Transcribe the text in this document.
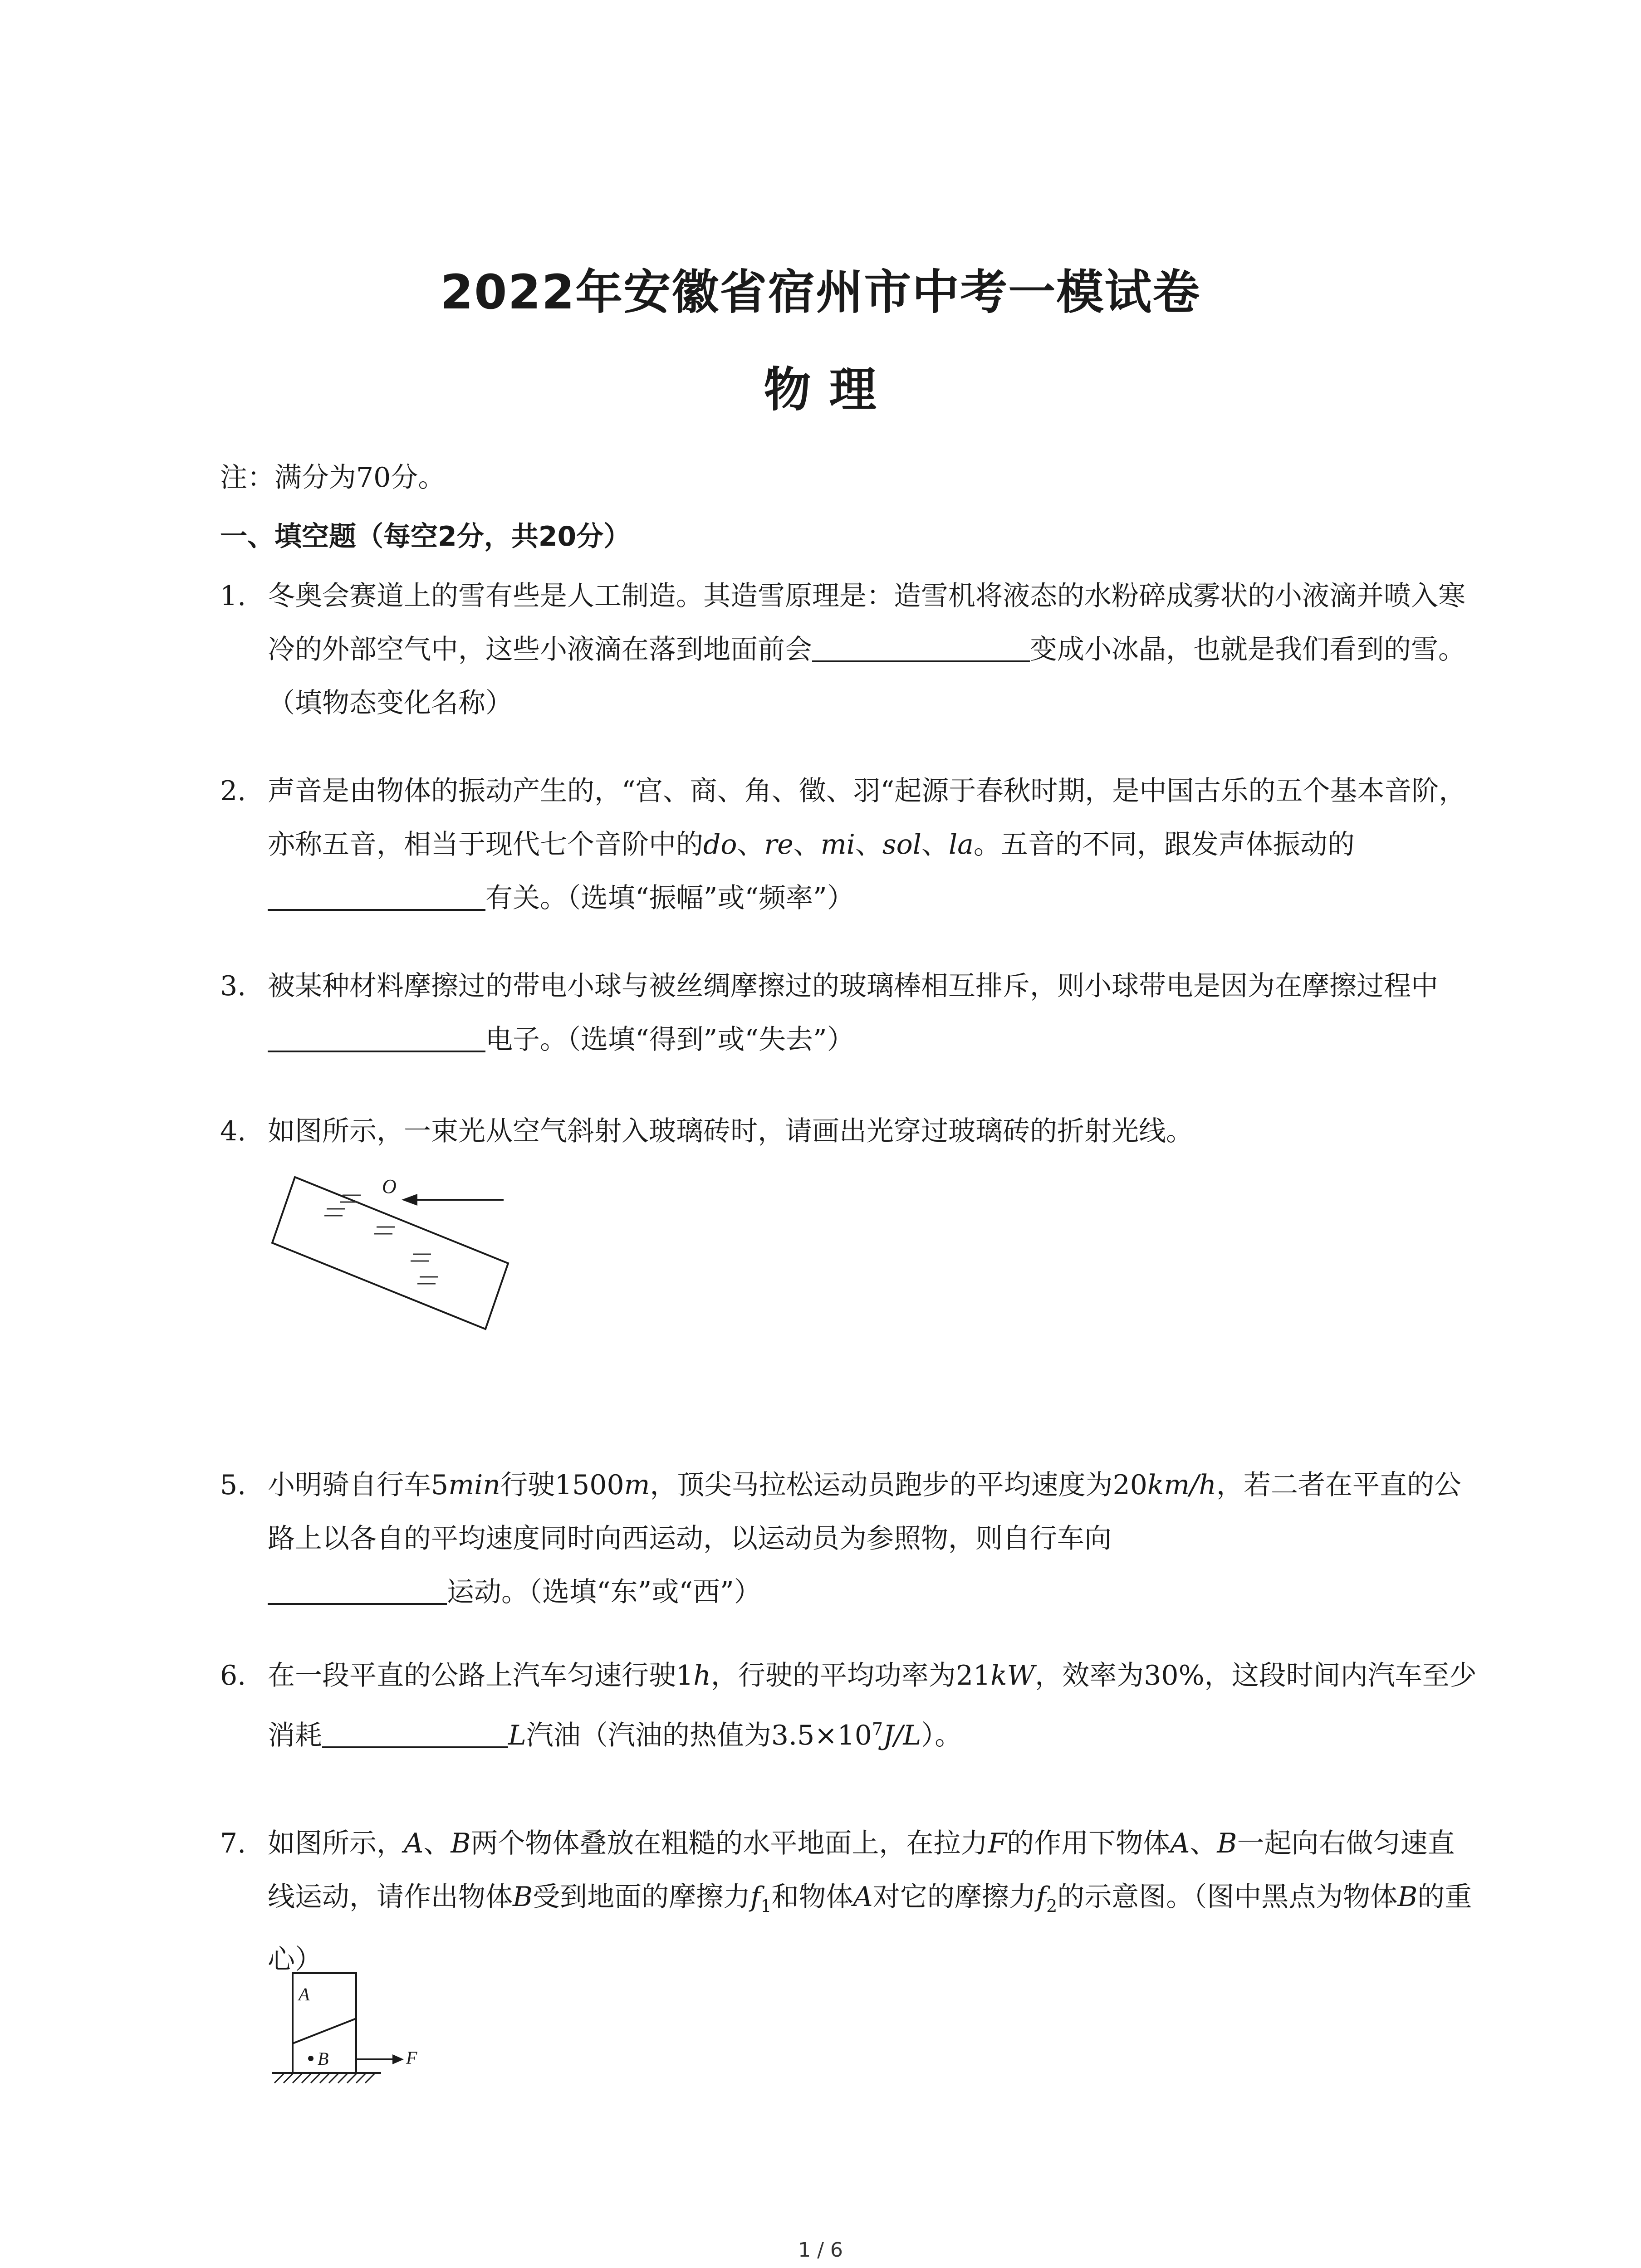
2022年安徽省宿州市中考一模试卷
物 理
注：满分为70分。
一、填空题（每空2分，共20分）
1. 冬奥会赛道上的雪有些是人工制造。其造雪原理是：造雪机将液态的水粉碎成雾状的小液滴并喷入寒冷的外部空气中，这些小液滴在落到地面前会	变成小冰晶，也就是我们看到的雪。（填物态变化名称）
2. 声音是由物体的振动产生的，“宫、商、角、徵、羽“起源于春秋时期，是中国古乐的五个基本音阶，亦称五音，相当于现代七个音阶中的do、re、mi、sol、la。五音的不同，跟发声体振动的有关。（选填“振幅”或“频率”）
3. 被某种材料摩擦过的带电小球与被丝绸摩擦过的玻璃棒相互排斥，则小球带电是因为在摩擦过程中电子。（选填“得到”或“失去”）
4. 如图所示，一束光从空气斜射入玻璃砖时，请画出光穿过玻璃砖的折射光线。
O
5. 小明骑自行车5min行驶1500m，顶尖马拉松运动员跑步的平均速度为20km/h，若二者在平直的公路上以各自的平均速度同时向西运动，以运动员为参照物，则自行车向
运动。（选填“东”或“西”）
6. 在一段平直的公路上汽车匀速行驶1h，行驶的平均功率为21kW，效率为30%，这段时间内汽车至少消耗	L汽油（汽油的热值为$3.5\times 10^7J/L$）。
7. 如图所示，A、B两个物体叠放在粗糙的水平地面上，在拉力F的作用下物体A、B一起向右做匀速直线运动，请作出物体B受到地面的摩擦力$f_1$和物体A对它的摩擦力$f_2$的示意图。（图中黑点为物体B的重心）
A
B	F
1 / 6
